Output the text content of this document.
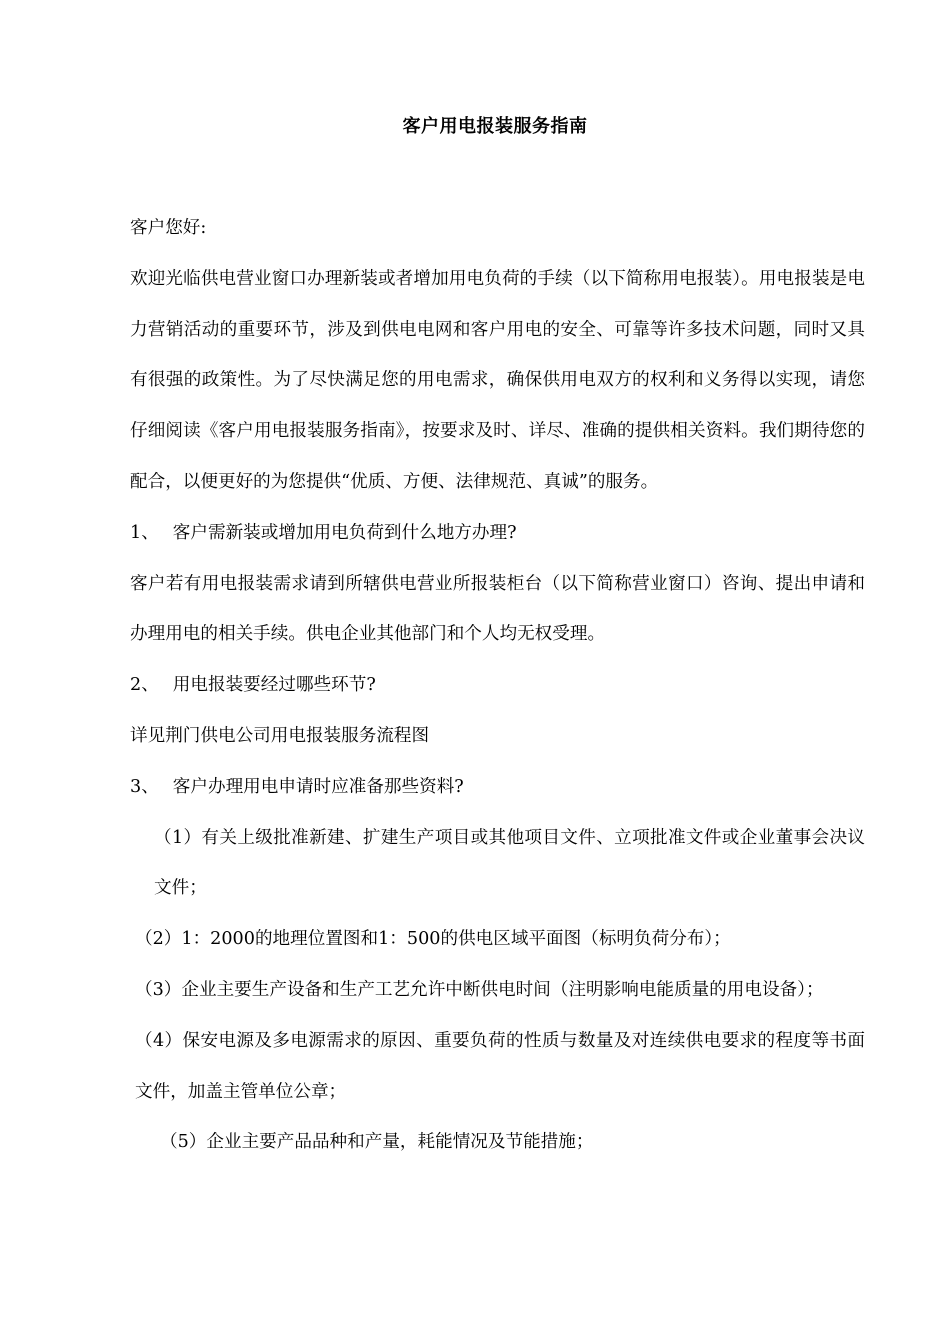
客户用电报装服务指南

客户您好:

欢迎光临供电营业窗口办理新装或者增加用电负荷的手续（以下简称用电报装）。用电报装是电力营销活动的重要环节，涉及到供电电网和客户用电的安全、可靠等许多技术问题，同时又具有很强的政策性。为了尽快满足您的用电需求，确保供用电双方的权利和义务得以实现，请您仔细阅读《客户用电报装服务指南》，按要求及时、详尽、准确的提供相关资料。我们期待您的配合，以便更好的为您提供“优质、方便、法律规范、真诚”的服务。

1、 客户需新装或增加用电负荷到什么地方办理?

客户若有用电报装需求请到所辖供电营业所报装柜台（以下简称营业窗口）咨询、提出申请和办理用电的相关手续。供电企业其他部门和个人均无权受理。

2、 用电报装要经过哪些环节?

详见荆门供电公司用电报装服务流程图

3、 客户办理用电申请时应准备那些资料?

（1）有关上级批准新建、扩建生产项目或其他项目文件、立项批准文件或企业董事会决议文件；

（2）1：2000的地理位置图和1：500的供电区域平面图（标明负荷分布）；

（3）企业主要生产设备和生产工艺允许中断供电时间（注明影响电能质量的用电设备）；

（4）保安电源及多电源需求的原因、重要负荷的性质与数量及对连续供电要求的程度等书面文件，加盖主管单位公章；

（5）企业主要产品品种和产量，耗能情况及节能措施；
